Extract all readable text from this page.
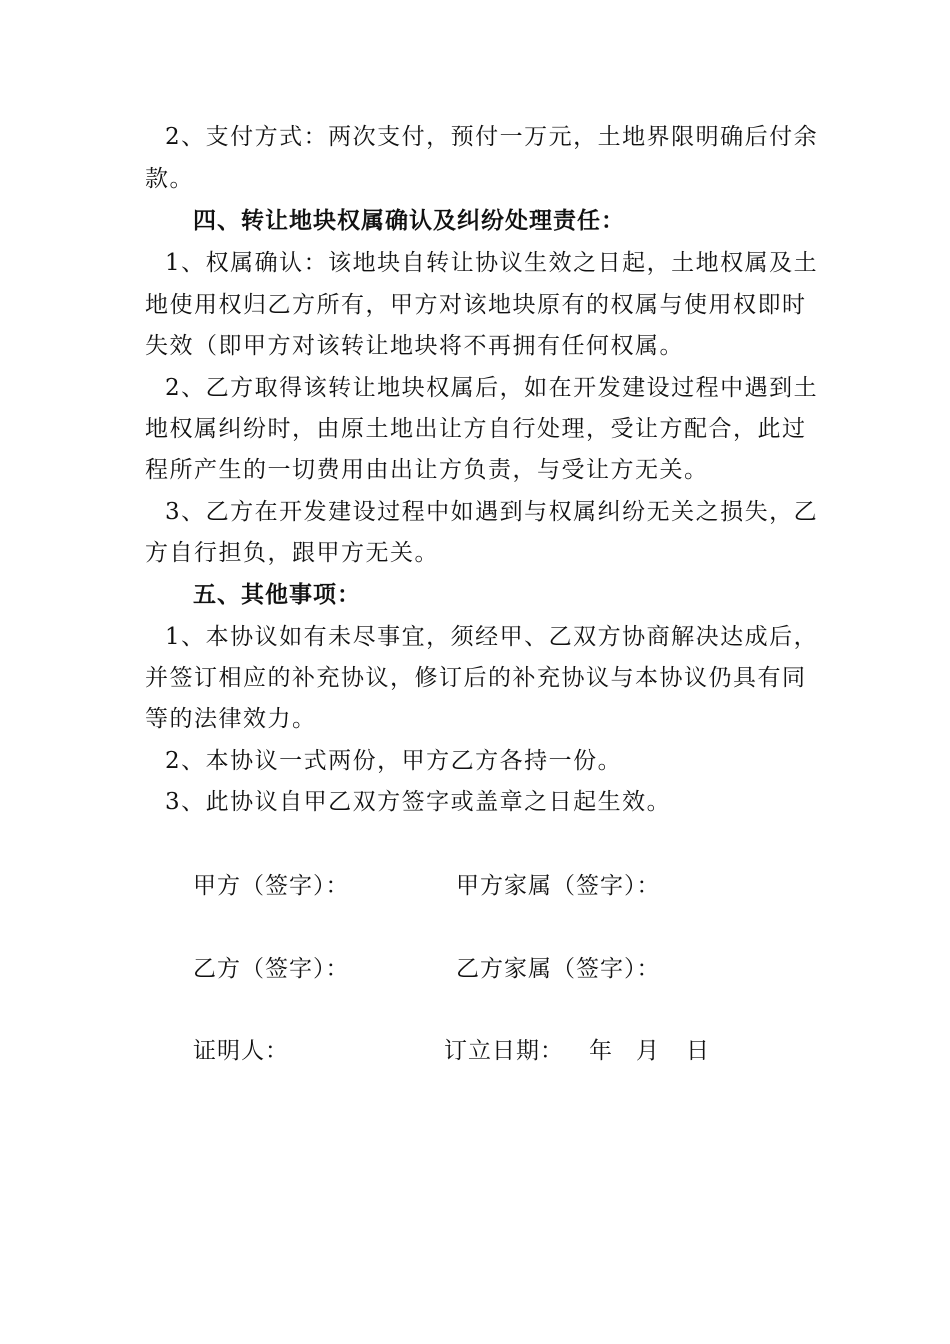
2、支付方式：两次支付，预付一万元，土地界限明确后付余
款。
四、转让地块权属确认及纠纷处理责任：
1、权属确认：该地块自转让协议生效之日起，土地权属及土
地使用权归乙方所有，甲方对该地块原有的权属与使用权即时
失效（即甲方对该转让地块将不再拥有任何权属。
2、乙方取得该转让地块权属后，如在开发建设过程中遇到土
地权属纠纷时，由原土地出让方自行处理，受让方配合，此过
程所产生的一切费用由出让方负责，与受让方无关。
3、乙方在开发建设过程中如遇到与权属纠纷无关之损失，乙
方自行担负，跟甲方无关。
五、其他事项：
1、本协议如有未尽事宜，须经甲、乙双方协商解决达成后，
并签订相应的补充协议，修订后的补充协议与本协议仍具有同
等的法律效力。
2、本协议一式两份，甲方乙方各持一份。
3、此协议自甲乙双方签字或盖章之日起生效。
甲方（签字）：	甲方家属（签字）：
乙方（签字）：	乙方家属（签字）：
证明人：	订立日期： 年 月 日
